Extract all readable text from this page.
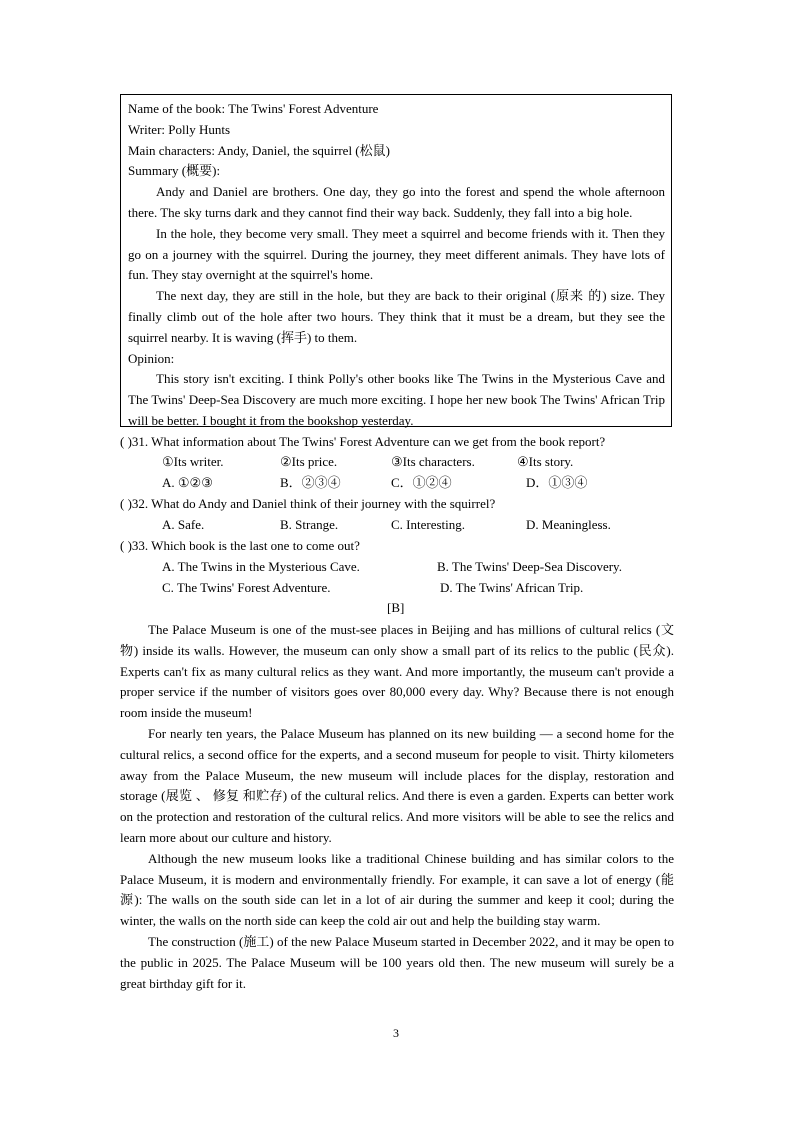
Name of the book: The Twins' Forest Adventure

Writer: Polly Hunts

Main characters: Andy, Daniel, the squirrel (松鼠)

Summary (概要):

Andy and Daniel are brothers. One day, they go into the forest and spend the whole afternoon there. The sky turns dark and they cannot find their way back. Suddenly, they fall into a big hole.

In the hole, they become very small. They meet a squirrel and become friends with it. Then they go on a journey with the squirrel. During the journey, they meet different animals. They have lots of fun. They stay overnight at the squirrel's home.

The next day, they are still in the hole, but they are back to their original (原来 的) size. They finally climb out of the hole after two hours. They think that it must be a dream, but they see the squirrel nearby. It is waving (挥手) to them.

Opinion:

This story isn't exciting. I think Polly's other books like The Twins in the Mysterious Cave and The Twins' Deep-Sea Discovery are much more exciting. I hope her new book The Twins' African Trip will be better. I bought it from the bookshop yesterday.

( )31. What information about The Twins' Forest Adventure can we get from the book report?
①Its writer.	②Its price.	③Its characters.	④Its story.
A. ①②③	B．②③④	C．①②④	D．①③④
( )32. What do Andy and Daniel think of their journey with the squirrel?
A. Safe.	B. Strange.	C. Interesting.	D. Meaningless.
( )33. Which book is the last one to come out?
A. The Twins in the Mysterious Cave.	B. The Twins' Deep-Sea Discovery.
C. The Twins' Forest Adventure.	D. The Twins' African Trip.
[B]

The Palace Museum is one of the must-see places in Beijing and has millions of cultural relics (文物) inside its walls. However, the museum can only show a small part of its relics to the public (民众). Experts can't fix as many cultural relics as they want. And more importantly, the museum can't provide a proper service if the number of visitors goes over 80,000 every day. Why? Because there is not enough room inside the museum!

For nearly ten years, the Palace Museum has planned on its new building — a second home for the cultural relics, a second office for the experts, and a second museum for people to visit. Thirty kilometers away from the Palace Museum, the new museum will include places for the display, restoration and storage (展览 、 修复 和贮存) of the cultural relics. And there is even a garden. Experts can better work on the protection and restoration of the cultural relics. And more visitors will be able to see the relics and learn more about our culture and history.

Although the new museum looks like a traditional Chinese building and has similar colors to the Palace Museum, it is modern and environmentally friendly. For example, it can save a lot of energy (能源): The walls on the south side can let in a lot of air during the summer and keep it cool; during the winter, the walls on the north side can keep the cold air out and help the building stay warm.

The construction (施工) of the new Palace Museum started in December 2022, and it may be open to the public in 2025. The Palace Museum will be 100 years old then. The new museum will surely be a great birthday gift for it.

3
